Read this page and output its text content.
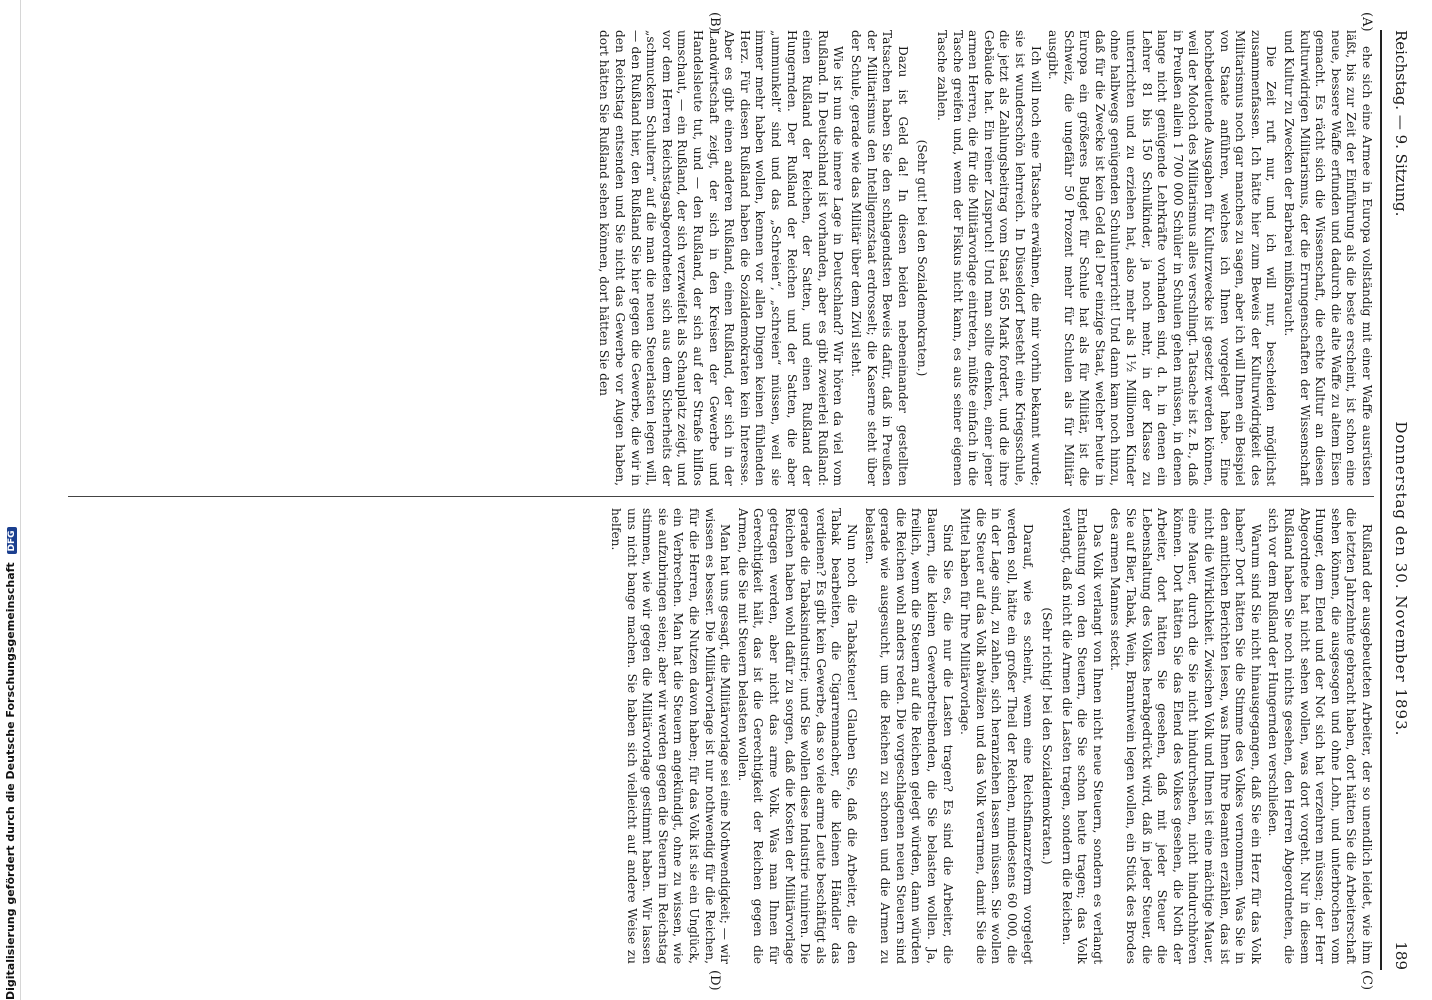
Digitalisierung gefördert durch die Deutsche Forschungsgemeinschaft DFG
Reichstag. — 9. Sitzung.
Donnerstag den 30. November 1893.
189
(A)
(B)
(C)
(D)

ehe sich eine Armee in Europa vollständig mit einer Waffe ausrüsten läßt, bis zur Zeit der Einführung als die beste erscheint, ist schon eine neue, bessere Waffe erfunden und dadurch die alte Waffe zu altem Eisen gemacht. Es rächt sich die Wissenschaft, die echte Kultur an diesen kulturwidrigen Militarismus, der die Errungenschaften der Wissenschaft und Kultur zu Zwecken der Barbarei mißbraucht.

Die Zeit ruft nur, und ich will nur, bescheiden möglichst zusammenfassen. Ich hätte hier zum Beweis der Kulturwidrigkeit des Militarismus noch gar manches zu sagen, aber ich will Ihnen ein Beispiel von Staate anführen, welches ich Ihnen vorgelegt habe. Eine hochbedeutende Ausgaben für Kulturzwecke ist gesetzt werden können, weil der Moloch des Militarismus alles verschlingt. Tatsache ist z. B., daß in Preußen allein 1 700 000 Schüler in Schulen gehen müssen, in denen lange nicht genügende Lehrkräfte vorhanden sind, d. h. in denen ein Lehrer 81 bis 150 Schulkinder, ja noch mehr, in der Klasse zu unterrichten und zu erziehen hat, also mehr als 1½ Millionen Kinder ohne halbwegs genügenden Schulunterricht! Und dann kam noch hinzu, daß für die Zwecke ist kein Geld da! Der einzige Staat, welcher heute in Europa ein größeres Budget für Schule hat als für Militär, ist die Schweiz, die ungefähr 50 Prozent mehr für Schulen als für Militär ausgibt.

Ich will noch eine Tatsache erwähnen, die mir vorhin bekannt wurde; sie ist wunderschön lehrreich. In Düsseldorf besteht eine Kriegsschule, die jetzt als Zahlungsbeitrag vom Staat 565 Mark fordert, und die ihre Gebäude hat. Ein reiner Zuspruch! Und man sollte denken, einer jener armen Herren, die für die Militärvorlage eintreten, müßte einfach in die Tasche greifen und, wenn der Fiskus nicht kann, es aus seiner eigenen Tasche zahlen.

(Sehr gut! bei den Sozialdemokraten.)

Dazu ist Geld da! In diesen beiden nebeneinander gestellten Tatsachen haben Sie den schlagendsten Beweis dafür, daß in Preußen der Militarismus den Intelligenzstaat erdrosselt; die Kaserne steht über der Schule, gerade wie das Militär über dem Zivil steht.

Wie ist nun die innere Lage in Deutschland? Wir hören da viel vom Rußland. In Deutschland ist vorhanden, aber es gibt zweierlei Rußland: einen Rußland der Reichen, der Satten, und einen Rußland der Hungernden. Der Rußland der Reichen und der Satten, die aber „ummunkelt“ sind und das „Schreien“, „schreien“ müssen, weil sie immer mehr haben wollen, kennen vor allen Dingen keinen fühlenden Herz. Für diesen Rußland haben die Sozialdemokraten kein Interesse. Aber es gibt einen anderen Rußland, einen Rußland, der sich in der Landwirtschaft zeigt, der sich in den Kreisen der Gewerbe und Handelsleute tut, und — den Rußland, der sich auf der Straße hilflos umschaut, — ein Rußland, der sich verzweifelt als Schauplatz zeigt, und vor dem Herren Reichstagsabgeordneten sich aus dem Sicherheits der „schmuckem Schultern“ auf die man die neuen Steuerlasten legen will, — den Rußland hier, den Rußland Sie hier gegen die Gewerbe, die wir in den Reichstag entsenden und Sie nicht das Gewerbe vor Augen haben, dort hätten Sie Rußland sehen können, dort hätten Sie den

Rußland der ausgebeuteten Arbeiter, der so unendlich leidet, wie ihm die letzten Jahrzehnte gebracht haben, dort hätten Sie die Arbeiterschaft sehen können, die ausgesogen und ohne Lohn, und unterbrochen vom Hunger, dem Elend und der Not sich hat verzehren müssen; der Herr Abgeordnete hat nicht sehen wollen, was dort vorgeht. Nur in diesem Rußland haben Sie noch nichts gesehen, den Herren Abgeordneten, die sich vor dem Rußland der Hungernden verschließen.

Warum sind Sie nicht hinausgegangen, daß Sie ein Herz für das Volk haben? Dort hätten Sie die Stimme des Volkes vernommen. Was Sie in den amtlichen Berichten lesen, was Ihnen Ihre Beamten erzählen, das ist nicht die Wirklichkeit. Zwischen Volk und Ihnen ist eine mächtige Mauer, eine Mauer, durch die Sie nicht hindurchsehen, nicht hindurchhören können. Dort hätten Sie das Elend des Volkes gesehen, die Noth der Arbeiter, dort hätten Sie gesehen, daß mit jeder Steuer die Lebenshaltung des Volkes herabgedrückt wird, daß in jeder Steuer, die Sie auf Bier, Tabak, Wein, Branntwein legen wollen, ein Stück des Brodes des armen Mannes steckt.

Das Volk verlangt von Ihnen nicht neue Steuern, sondern es verlangt Entlastung von den Steuern, die Sie schon heute tragen; das Volk verlangt, daß nicht die Armen die Lasten tragen, sondern die Reichen.

(Sehr richtig! bei den Sozialdemokraten.)

Darauf, wie es scheint, wenn eine Reichsfinanzreform vorgelegt werden soll, hätte ein großer Theil der Reichen, mindestens 60 000, die in der Lage sind, zu zahlen, sich heranziehen lassen müssen. Sie wollen die Steuer auf das Volk abwälzen und das Volk verarmen, damit Sie die Mittel haben für Ihre Militärvorlage.

Sind Sie es, die nur die Lasten tragen? Es sind die Arbeiter, die Bauern, die kleinen Gewerbetreibenden, die Sie belasten wollen. Ja, freilich, wenn die Steuern auf die Reichen gelegt würden, dann würden die Reichen wohl anders reden. Die vorgeschlagenen neuen Steuern sind gerade wie ausgesucht, um die Reichen zu schonen und die Armen zu belasten.

Nun noch die Tabaksteuer! Glauben Sie, daß die Arbeiter, die den Tabak bearbeiten, die Cigarrenmacher, die kleinen Händler das verdienen? Es gibt kein Gewerbe, das so viele arme Leute beschäftigt als gerade die Tabaksindustrie; und Sie wollen diese Industrie ruiniren. Die Reichen haben wohl dafür zu sorgen, daß die Kosten der Militärvorlage getragen werden, aber nicht das arme Volk. Was man Ihnen für Gerechtigkeit hält, das ist die Gerechtigkeit der Reichen gegen die Armen, die Sie mit Steuern belasten wollen.

Man hat uns gesagt, die Militärvorlage sei eine Nothwendigkeit; — wir wissen es besser. Die Militärvorlage ist nur nothwendig für die Reichen, für die Herren, die Nutzen davon haben; für das Volk ist sie ein Unglück, ein Verbrechen. Man hat die Steuern angekündigt, ohne zu wissen, wie sie aufzubringen seien; aber wir werden gegen die Steuern im Reichstag stimmen, wie wir gegen die Militärvorlage gestimmt haben. Wir lassen uns nicht bange machen. Sie haben sich vielleicht auf andere Weise zu helfen.
